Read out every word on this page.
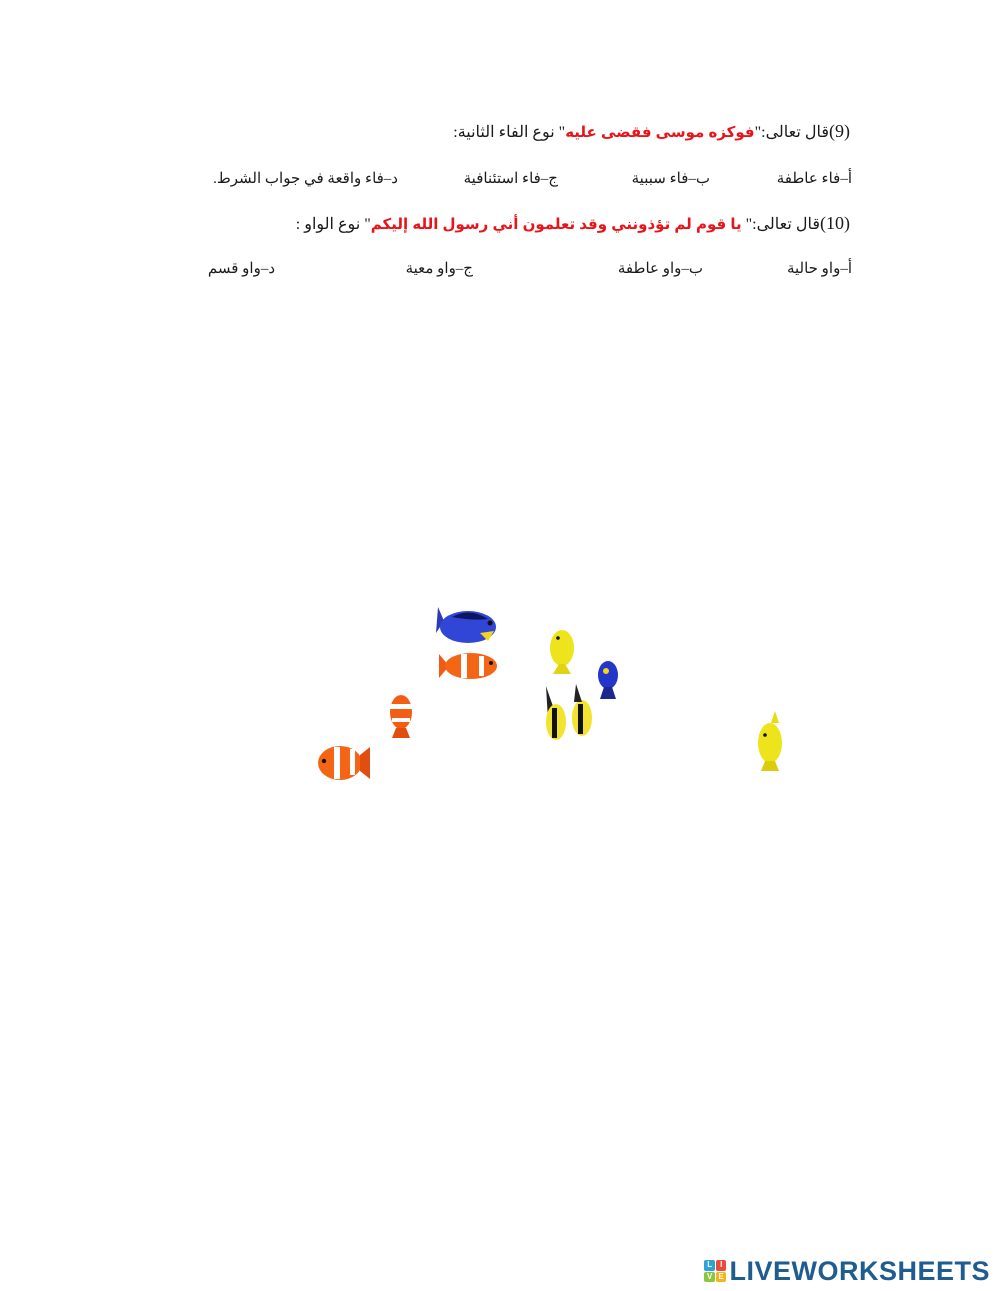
(9)قال تعالى:"فوكزه موسى فقضى عليه" نوع الفاء الثانية:
أ–فاء عاطفة
ب–فاء سببية
ج–فاء استئنافية
د–فاء واقعة في جواب الشرط.
(10)قال تعالى:" يا قوم لم تؤذونني وقد تعلمون أني رسول الله إليكم" نوع الواو :
أ–واو حالية
ب–واو عاطفة
ج–واو معية
د–واو قسم
L I
V E LIVEWORKSHEETS
